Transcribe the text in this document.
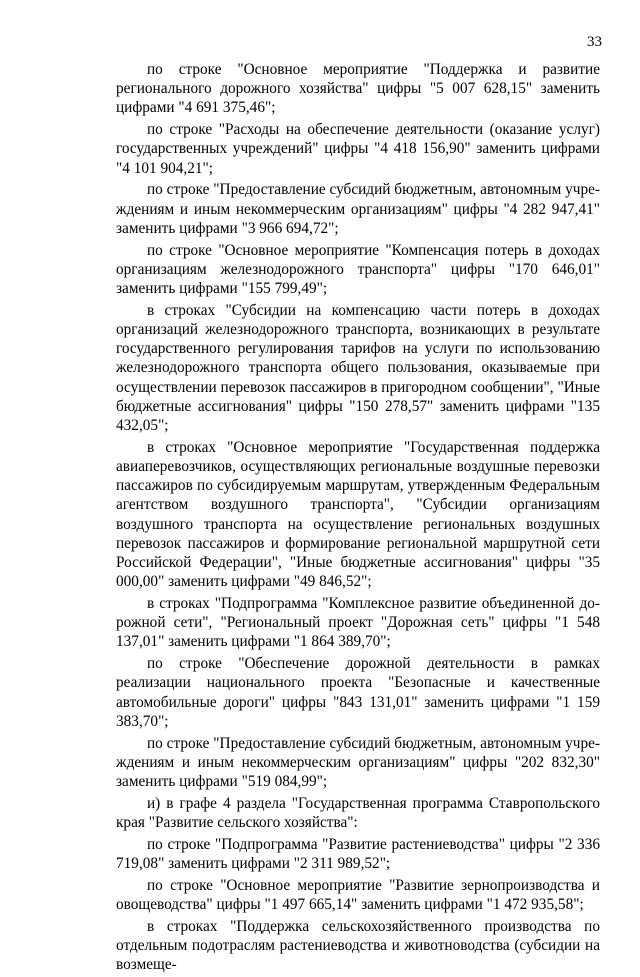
33

по строке "Основное мероприятие "Поддержка и развитие регионального дорожного хозяйства" цифры "5 007 628,15" заменить цифрами "4 691 375,46";

по строке "Расходы на обеспечение деятельности (оказание услуг) государственных учреждений" цифры "4 418 156,90" заменить цифрами "4 101 904,21";

по строке "Предоставление субсидий бюджетным, автономным учреждениям и иным некоммерческим организациям" цифры "4 282 947,41" заменить цифрами "3 966 694,72";

по строке "Основное мероприятие "Компенсация потерь в доходах организациям железнодорожного транспорта" цифры "170 646,01" заменить цифрами "155 799,49";

в строках "Субсидии на компенсацию части потерь в доходах организаций железнодорожного транспорта, возникающих в результате государственного регулирования тарифов на услуги по использованию железнодорожного транспорта общего пользования, оказываемые при осуществлении перевозок пассажиров в пригородном сообщении", "Иные бюджетные ассигнования" цифры "150 278,57" заменить цифрами "135 432,05";

в строках "Основное мероприятие "Государственная поддержка авиаперевозчиков, осуществляющих региональные воздушные перевозки пассажиров по субсидируемым маршрутам, утвержденным Федеральным агентством воздушного транспорта", "Субсидии организациям воздушного транспорта на осуществление региональных воздушных перевозок пассажиров и формирование региональной маршрутной сети Российской Федерации", "Иные бюджетные ассигнования" цифры "35 000,00" заменить цифрами "49 846,52";

в строках "Подпрограмма "Комплексное развитие объединенной дорожной сети", "Региональный проект "Дорожная сеть" цифры "1 548 137,01" заменить цифрами "1 864 389,70";

по строке "Обеспечение дорожной деятельности в рамках реализации национального проекта "Безопасные и качественные автомобильные дороги" цифры "843 131,01" заменить цифрами "1 159 383,70";

по строке "Предоставление субсидий бюджетным, автономным учреждениям и иным некоммерческим организациям" цифры "202 832,30" заменить цифрами "519 084,99";

и) в графе 4 раздела "Государственная программа Ставропольского края "Развитие сельского хозяйства":

по строке "Подпрограмма "Развитие растениеводства" цифры "2 336 719,08" заменить цифрами "2 311 989,52";

по строке "Основное мероприятие "Развитие зернопроизводства и овощеводства" цифры "1 497 665,14" заменить цифрами "1 472 935,58";

в строках "Поддержка сельскохозяйственного производства по отдельным подотраслям растениеводства и животноводства (субсидии на возмеще-
